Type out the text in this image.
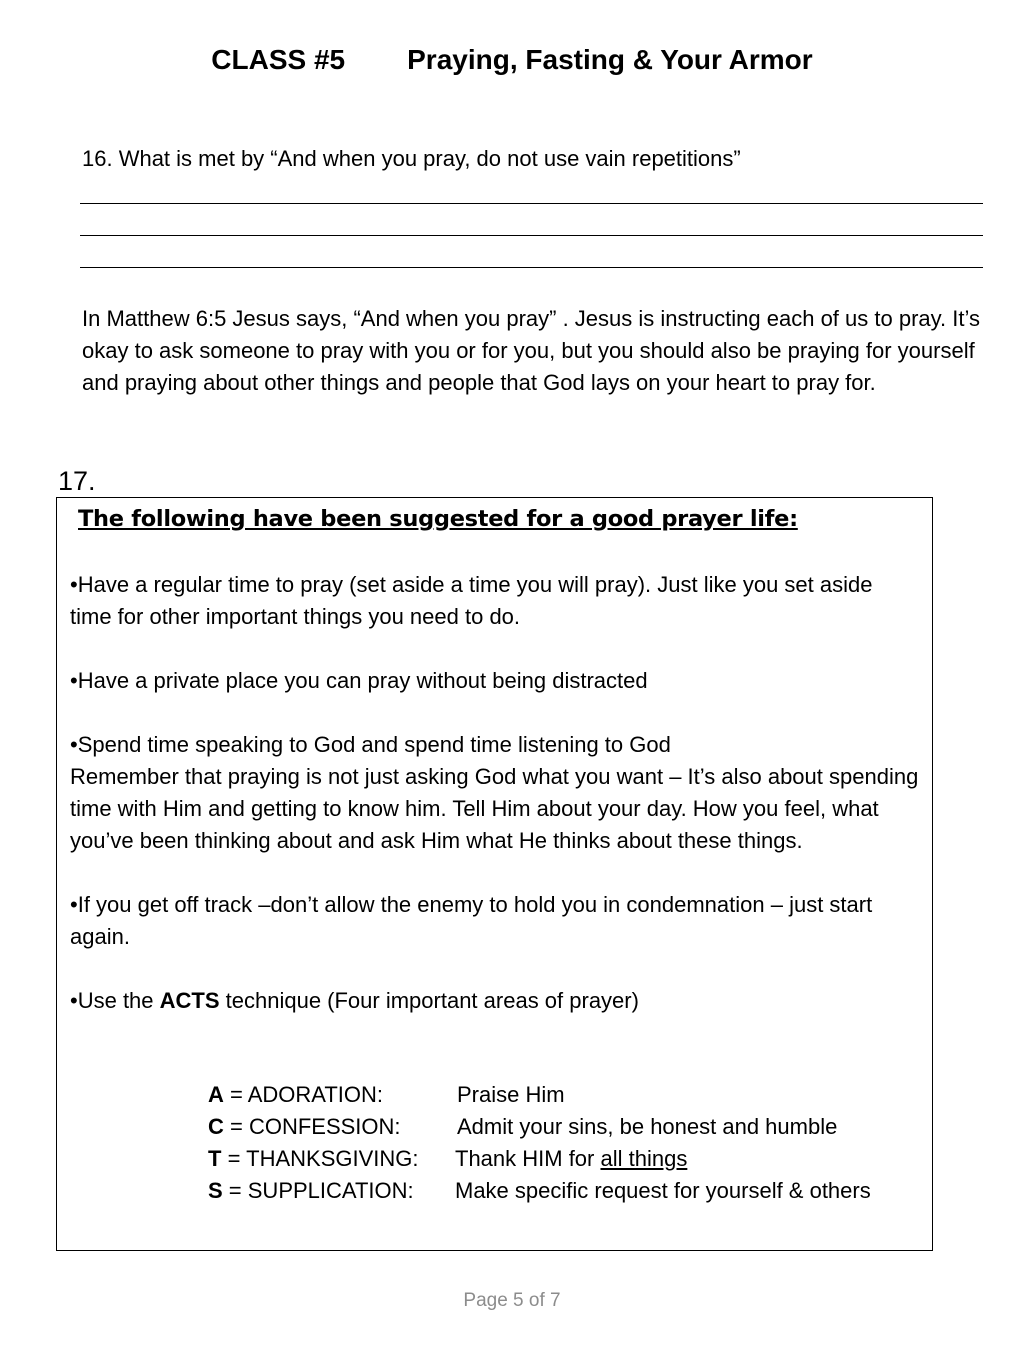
CLASS #5 Praying, Fasting & Your Armor
16. What is met by “And when you pray, do not use vain repetitions”
In Matthew 6:5 Jesus says, “And when you pray” . Jesus is instructing each of us to pray. It’s okay to ask someone to pray with you or for you, but you should also be praying for yourself and praying about other things and people that God lays on your heart to pray for.
17.
The following have been suggested for a good prayer life:

•Have a regular time to pray (set aside a time you will pray). Just like you set aside time for other important things you need to do.

•Have a private place you can pray without being distracted

•Spend time speaking to God and spend time listening to God

Remember that praying is not just asking God what you want – It’s also about spending time with Him and getting to know him. Tell Him about your day. How you feel, what you’ve been thinking about and ask Him what He thinks about these things.

•If you get off track –don’t allow the enemy to hold you in condemnation – just start again.

•Use the ACTS technique (Four important areas of prayer)
A = ADORATION:	Praise Him
C = CONFESSION:	Admit your sins, be honest and humble
T = THANKSGIVING: Thank HIM for all things
S = SUPPLICATION: Make specific request for yourself & others
Page 5 of 7
